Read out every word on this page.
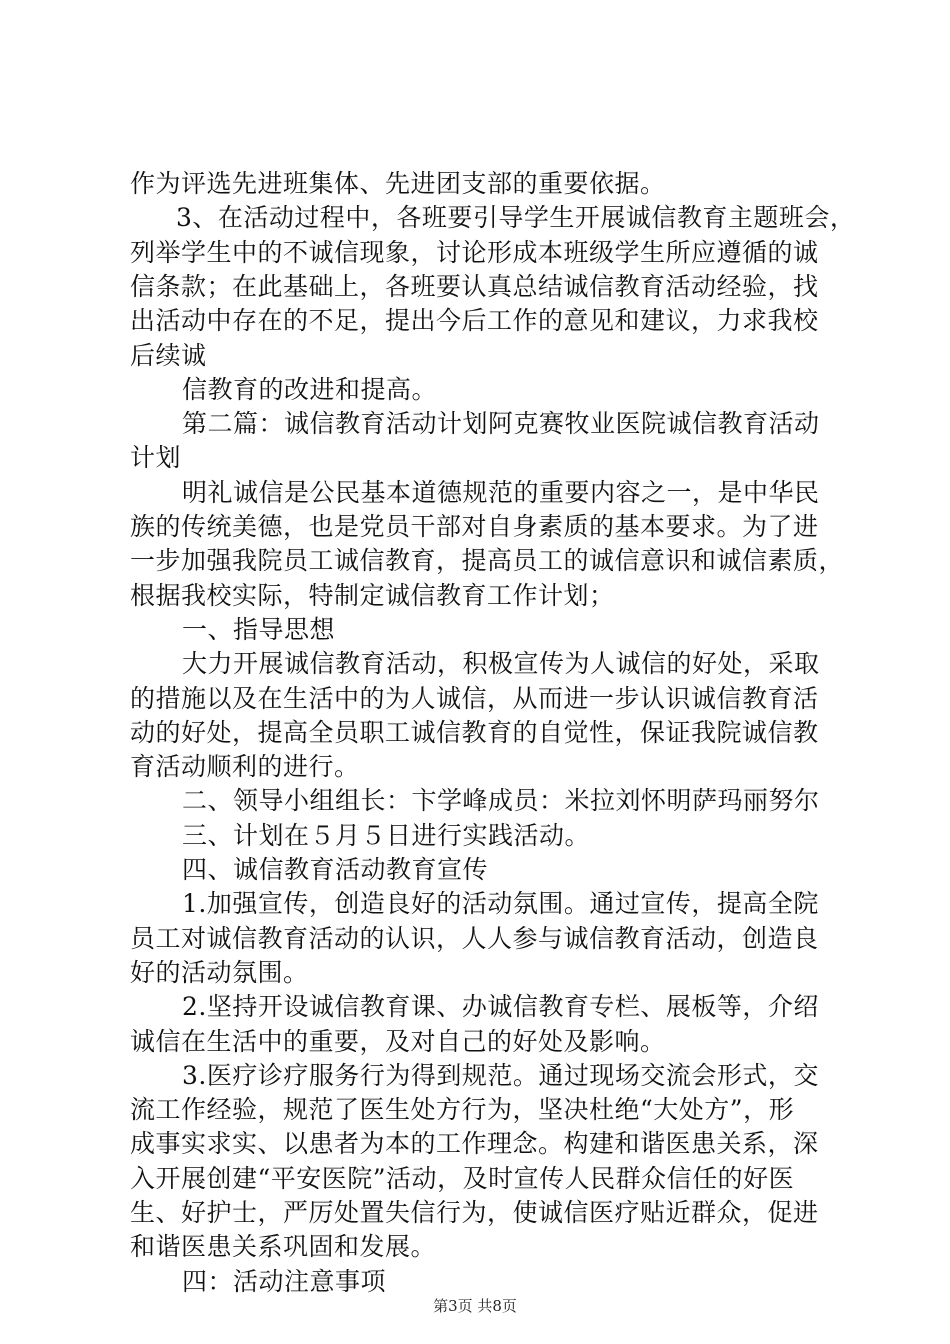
作为评选先进班集体、先进团支部的重要依据。
3、在活动过程中，各班要引导学生开展诚信教育主题班会，
列举学生中的不诚信现象，讨论形成本班级学生所应遵循的诚
信条款；在此基础上，各班要认真总结诚信教育活动经验，找
出活动中存在的不足，提出今后工作的意见和建议，力求我校
后续诚
信教育的改进和提高。
第二篇：诚信教育活动计划阿克赛牧业医院诚信教育活动
计划
明礼诚信是公民基本道德规范的重要内容之一，是中华民
族的传统美德，也是党员干部对自身素质的基本要求。为了进
一步加强我院员工诚信教育，提高员工的诚信意识和诚信素质，
根据我校实际，特制定诚信教育工作计划；
一、指导思想
大力开展诚信教育活动，积极宣传为人诚信的好处，采取
的措施以及在生活中的为人诚信，从而进一步认识诚信教育活
动的好处，提高全员职工诚信教育的自觉性，保证我院诚信教
育活动顺利的进行。
二、领导小组组长：卞学峰成员：米拉刘怀明萨玛丽努尔
三、计划在５月５日进行实践活动。
四、诚信教育活动教育宣传
1.加强宣传，创造良好的活动氛围。通过宣传，提高全院
员工对诚信教育活动的认识，人人参与诚信教育活动，创造良
好的活动氛围。
2.坚持开设诚信教育课、办诚信教育专栏、展板等，介绍
诚信在生活中的重要，及对自己的好处及影响。
3.医疗诊疗服务行为得到规范。通过现场交流会形式，交
流工作经验，规范了医生处方行为，坚决杜绝“大处方”，形
成事实求实、以患者为本的工作理念。构建和谐医患关系，深
入开展创建“平安医院”活动，及时宣传人民群众信任的好医
生、好护士，严厉处置失信行为，使诚信医疗贴近群众，促进
和谐医患关系巩固和发展。
四：活动注意事项
第3页 共8页
